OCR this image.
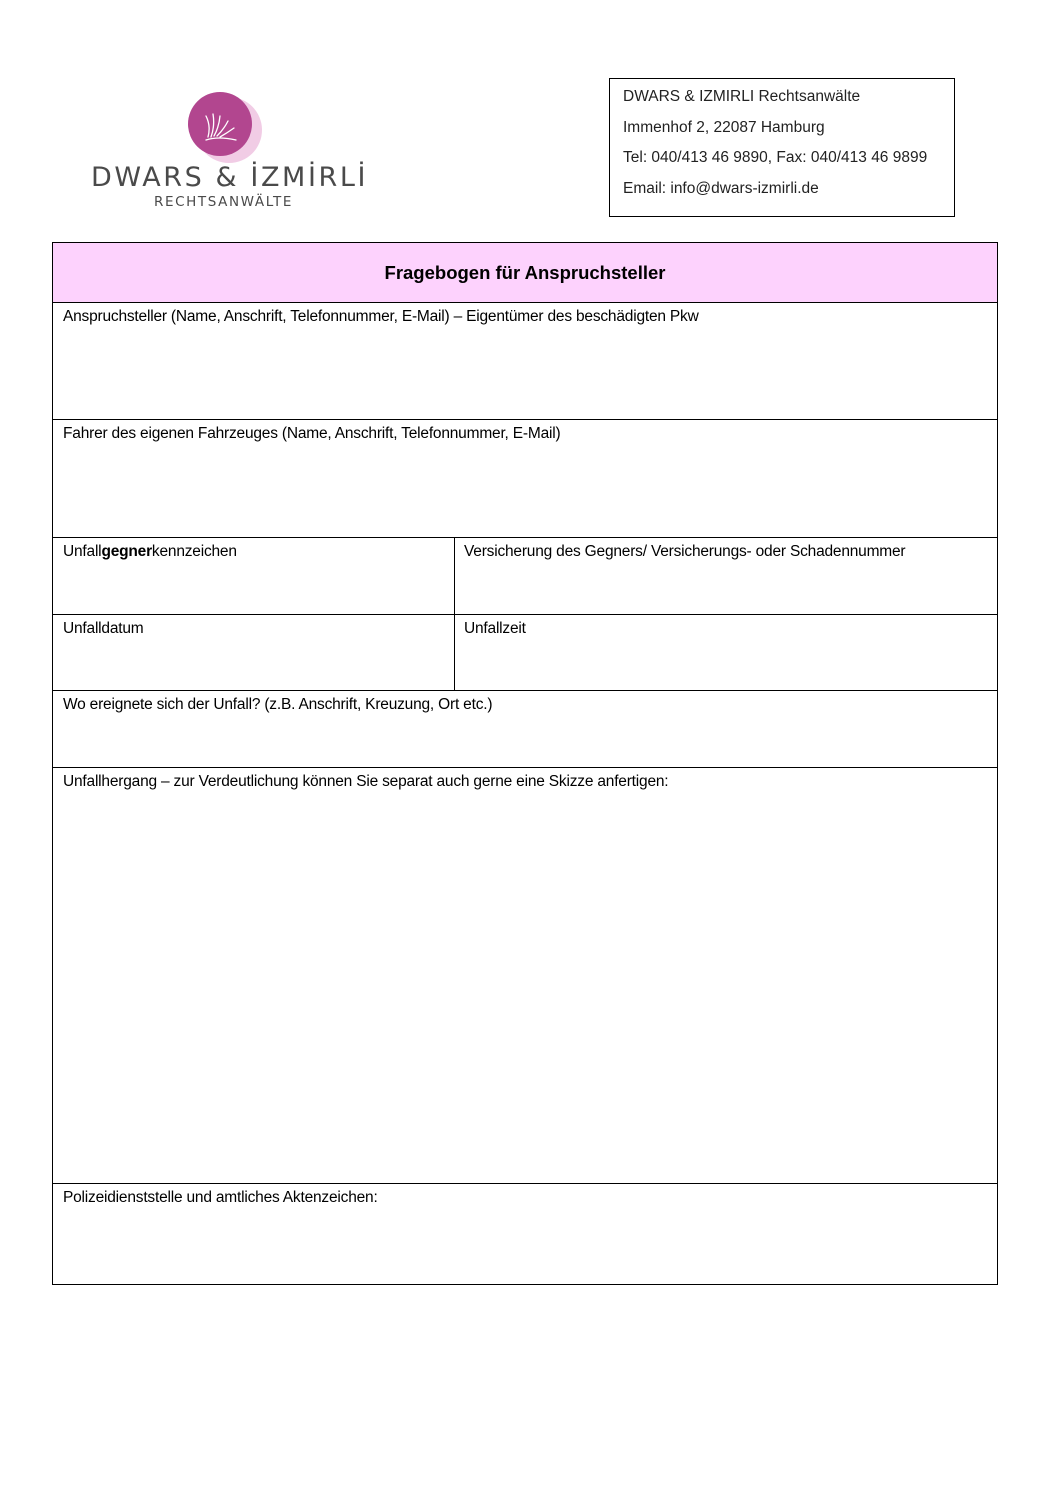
DWARS & İZMİRLİ
RECHTSANWÄLTE
DWARS & IZMIRLI Rechtsanwälte
Immenhof 2, 22087 Hamburg
Tel: 040/413 46 9890, Fax: 040/413 46 9899
Email: info@dwars-izmirli.de
Fragebogen für Anspruchsteller
Anspruchsteller (Name, Anschrift, Telefonnummer, E-Mail) – Eigentümer des beschädigten Pkw
Fahrer des eigenen Fahrzeuges (Name, Anschrift, Telefonnummer, E-Mail)
Unfallgegnerkennzeichen	Versicherung des Gegners/ Versicherungs- oder Schadennummer
Unfalldatum	Unfallzeit
Wo ereignete sich der Unfall? (z.B. Anschrift, Kreuzung, Ort etc.)
Unfallhergang – zur Verdeutlichung können Sie separat auch gerne eine Skizze anfertigen:
Polizeidienststelle und amtliches Aktenzeichen:
